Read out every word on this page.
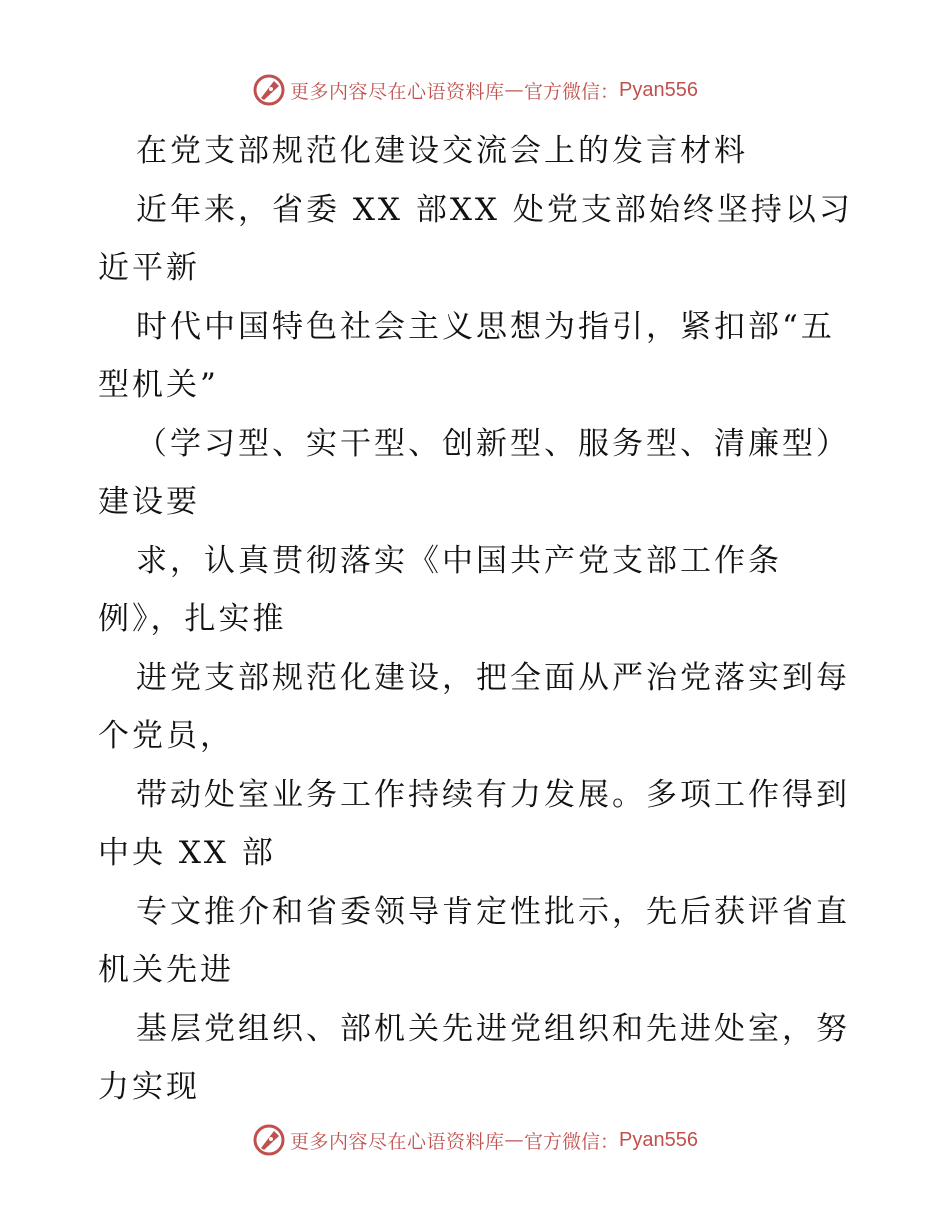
更多内容尽在心语资料库 — 官方微信： Pyan556
在党支部规范化建设交流会上的发言材料
近年来，省委 XX 部XX 处党支部始终坚持以习
近平新
时代中国特色社会主义思想为指引，紧扣部“五
型机关”
（学习型、实干型、创新型、服务型、清廉型）
建设要
求，认真贯彻落实《中国共产党支部工作条
例》，扎实推
进党支部规范化建设，把全面从严治党落实到每
个党员，
带动处室业务工作持续有力发展。多项工作得到
中央 XX 部
专文推介和省委领导肯定性批示，先后获评省直
机关先进
基层党组织、部机关先进党组织和先进处室，努
力实现
更多内容尽在心语资料库 — 官方微信： Pyan556
